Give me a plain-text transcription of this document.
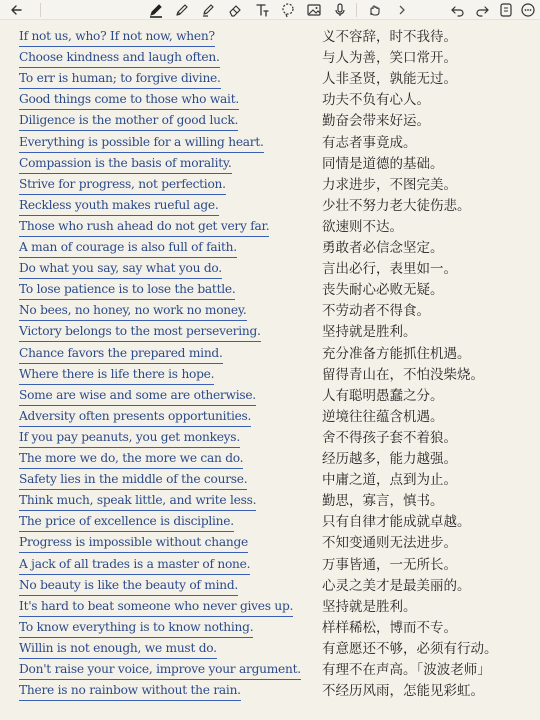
If not us, who? If not now, when?	义不容辞，时不我待。
Choose kindness and laugh often.	与人为善，笑口常开。
To err is human; to forgive divine.	人非圣贤，孰能无过。
Good things come to those who wait.	功夫不负有心人。
Diligence is the mother of good luck.	勤奋会带来好运。
Everything is possible for a willing heart.	有志者事竟成。
Compassion is the basis of morality.	同情是道德的基础。
Strive for progress, not perfection.	力求进步，不图完美。
Reckless youth makes rueful age.	少壮不努力老大徒伤悲。
Those who rush ahead do not get very far.	欲速则不达。
A man of courage is also full of faith.	勇敢者必信念坚定。
Do what you say, say what you do.	言出必行，表里如一。
To lose patience is to lose the battle.	丧失耐心必败无疑。
No bees, no honey, no work no money.	不劳动者不得食。
Victory belongs to the most persevering.	坚持就是胜利。
Chance favors the prepared mind.	充分准备方能抓住机遇。
Where there is life there is hope.	留得青山在，不怕没柴烧。
Some are wise and some are otherwise.	人有聪明愚蠢之分。
Adversity often presents opportunities.	逆境往往蕴含机遇。
If you pay peanuts, you get monkeys.	舍不得孩子套不着狼。
The more we do, the more we can do.	经历越多，能力越强。
Safety lies in the middle of the course.	中庸之道，点到为止。
Think much, speak little, and write less.	勤思，寡言，慎书。
The price of excellence is discipline.	只有自律才能成就卓越。
Progress is impossible without change	不知变通则无法进步。
A jack of all trades is a master of none.	万事皆通，一无所长。
No beauty is like the beauty of mind.	心灵之美才是最美丽的。
It's hard to beat someone who never gives up. 坚持就是胜利。
To know everything is to know nothing.	样样稀松，博而不专。
Willin is not enough, we must do.	有意愿还不够，必须有行动。
Don't raise your voice, improve your argument. 有理不在声高。「波波老师」
There is no rainbow without the rain.	不经历风雨，怎能见彩虹。
